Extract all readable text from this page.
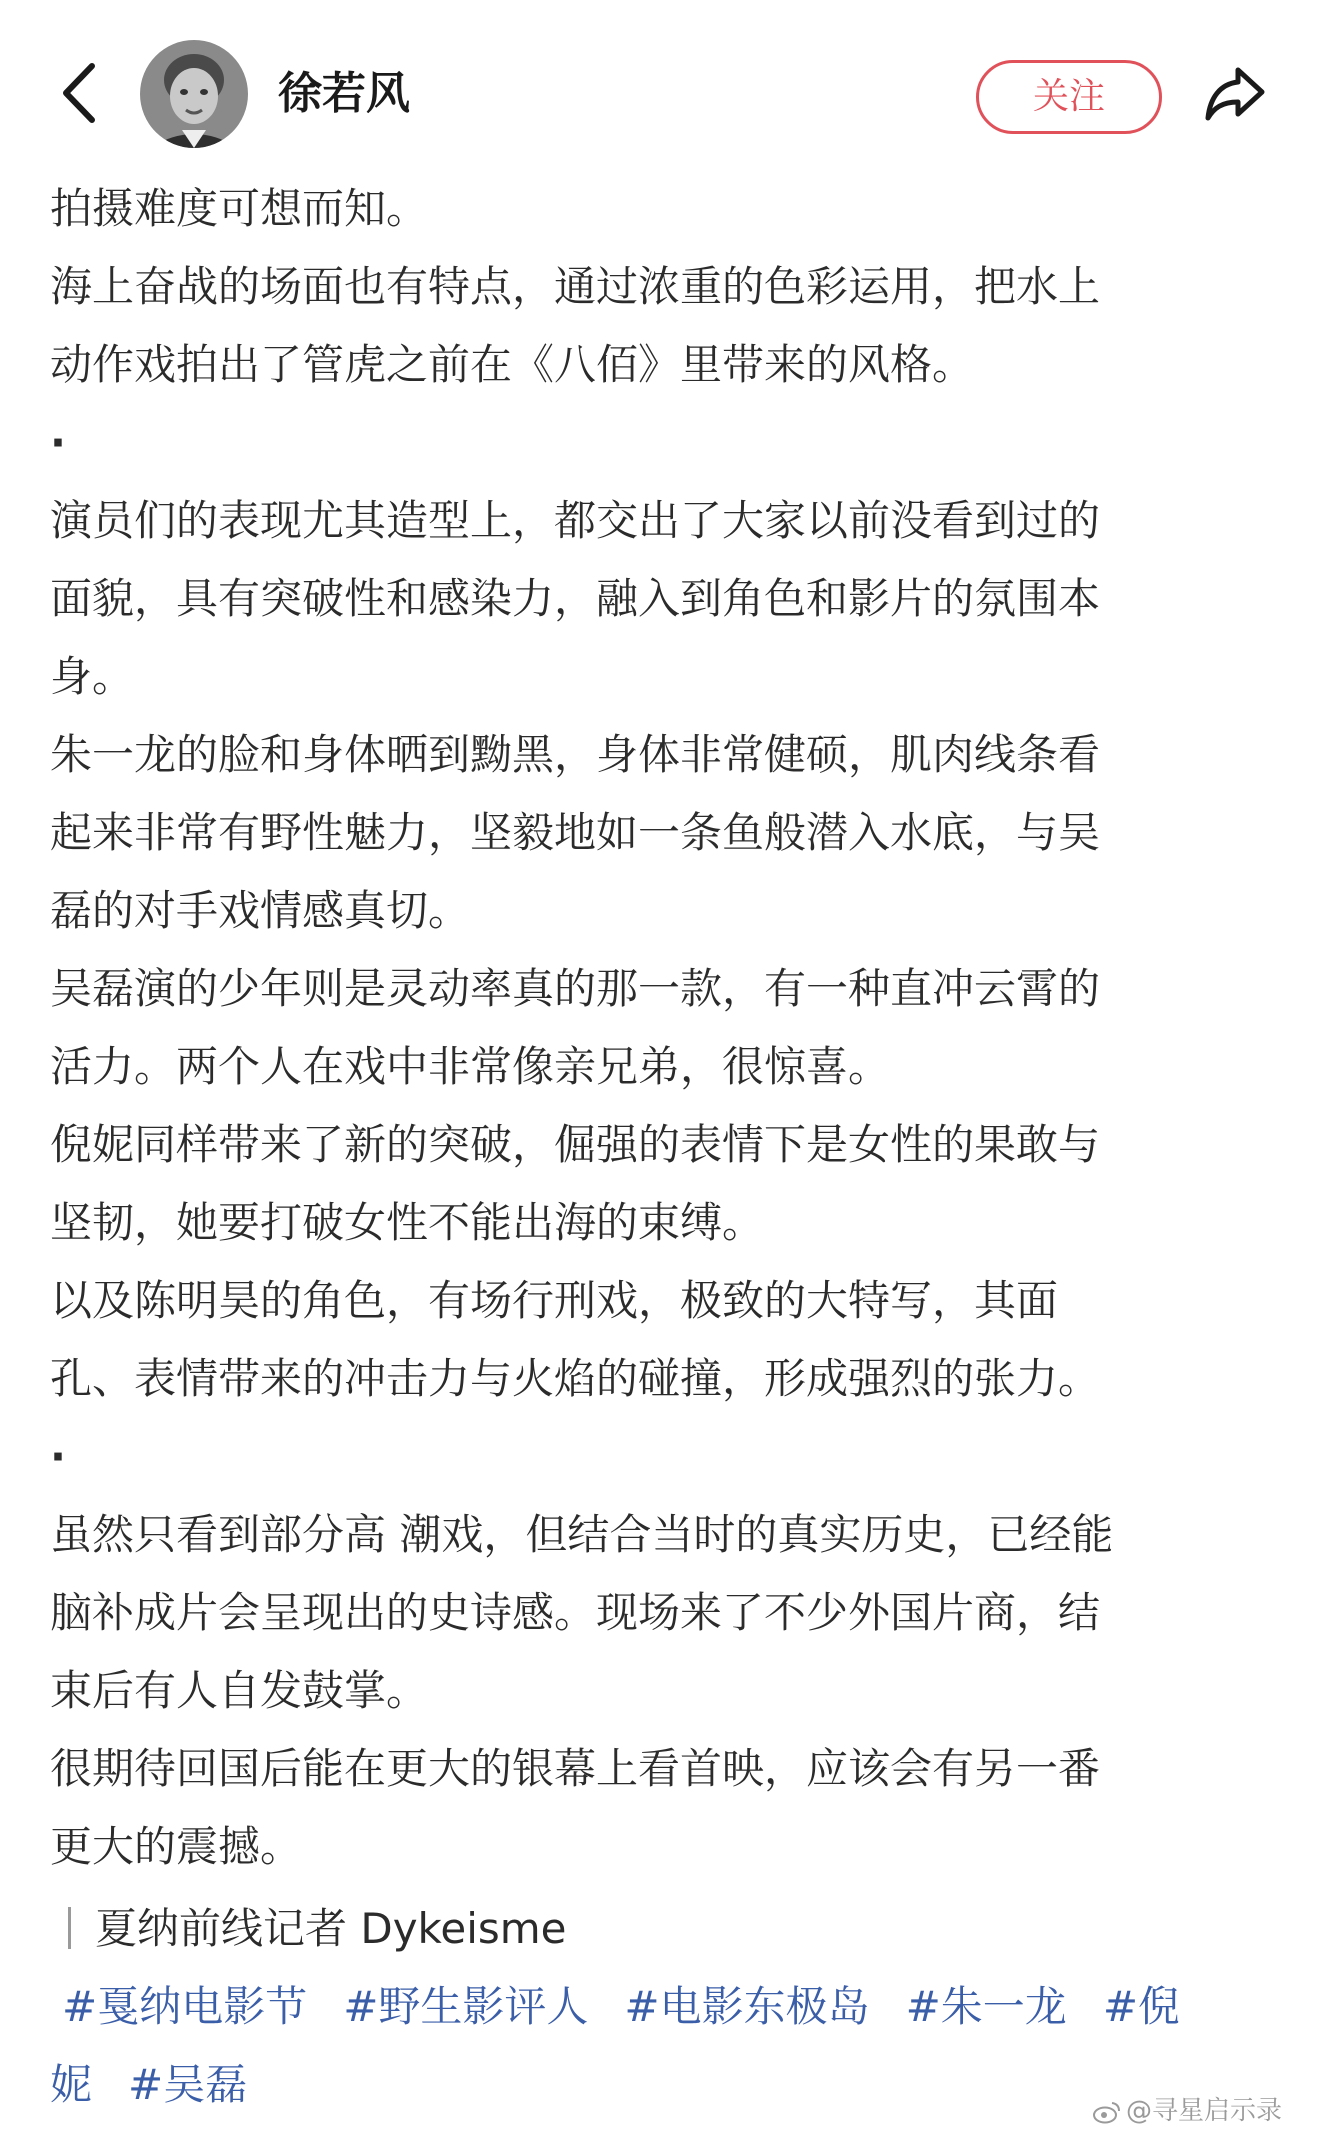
徐若风	关注
拍摄难度可想而知。
海上奋战的场面也有特点，通过浓重的色彩运用，把水上
动作戏拍出了管虎之前在《八佰》里带来的风格。
·
演员们的表现尤其造型上，都交出了大家以前没看到过的
面貌，具有突破性和感染力，融入到角色和影片的氛围本
身。
朱一龙的脸和身体晒到黝黑，身体非常健硕，肌肉线条看
起来非常有野性魅力，坚毅地如一条鱼般潜入水底，与吴
磊的对手戏情感真切。
吴磊演的少年则是灵动率真的那一款，有一种直冲云霄的
活力。两个人在戏中非常像亲兄弟，很惊喜。
倪妮同样带来了新的突破，倔强的表情下是女性的果敢与
坚韧，她要打破女性不能出海的束缚。
以及陈明昊的角色，有场行刑戏，极致的大特写，其面
孔、表情带来的冲击力与火焰的碰撞，形成强烈的张力。
·
虽然只看到部分高 潮戏，但结合当时的真实历史，已经能
脑补成片会呈现出的史诗感。现场来了不少外国片商，结
束后有人自发鼓掌。
很期待回国后能在更大的银幕上看首映，应该会有另一番
更大的震撼。
夏纳前线记者 Dykeisme
#戛纳电影节 #野生影评人 #电影东极岛 #朱一龙 #倪
妮 #吴磊
@寻星启示录
